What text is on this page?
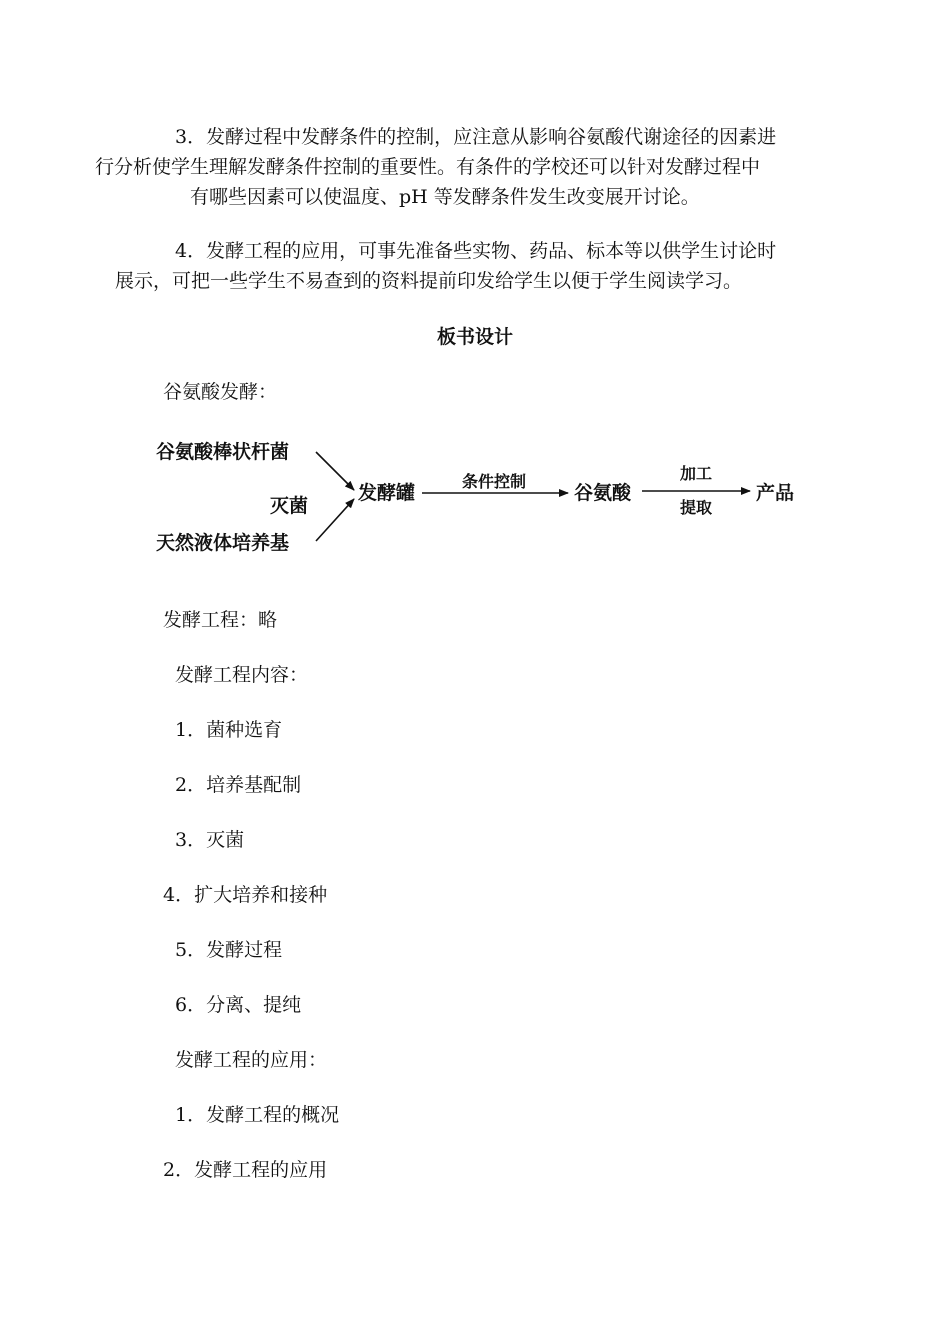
3．发酵过程中发酵条件的控制，应注意从影响谷氨酸代谢途径的因素进
行分析使学生理解发酵条件控制的重要性。有条件的学校还可以针对发酵过程中
有哪些因素可以使温度、pH 等发酵条件发生改变展开讨论。
4．发酵工程的应用，可事先准备些实物、药品、标本等以供学生讨论时
展示，可把一些学生不易查到的资料提前印发给学生以便于学生阅读学习。
板书设计
谷氨酸发酵：
谷氨酸棒状杆菌
灭菌
天然液体培养基
发酵罐
条件控制
谷氨酸
加工
提取
产品
发酵工程：略
发酵工程内容：
1．菌种选育
2．培养基配制
3．灭菌
4．扩大培养和接种
5．发酵过程
6．分离、提纯
发酵工程的应用：
1．发酵工程的概况
2．发酵工程的应用
